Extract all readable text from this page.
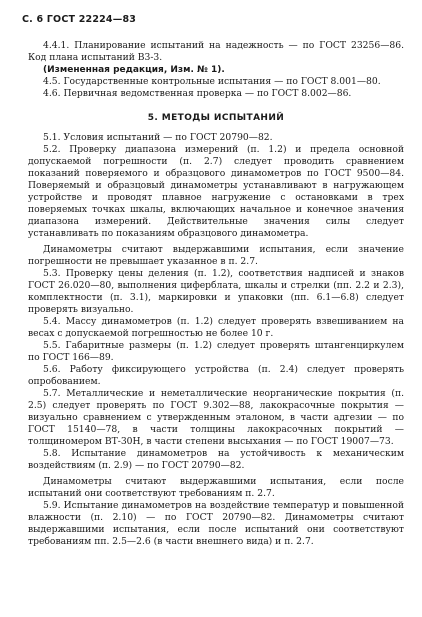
С. 6 ГОСТ 22224—83

4.4.1. Планирование испытаний на надежность — по ГОСТ 23256—86. Код плана испытаний В3-3.

(Измененная редакция, Изм. № 1).

4.5. Государственные контрольные испытания — по ГОСТ 8.001—80.

4.6. Первичная ведомственная проверка — по ГОСТ 8.002—86.

5. МЕТОДЫ ИСПЫТАНИЙ

5.1. Условия испытаний — по ГОСТ 20790—82.

5.2. Проверку диапазона измерений (п. 1.2) и предела основной допускаемой погрешности (п. 2.7) следует проводить сравнением показаний поверяемого и образцового динамометров по ГОСТ 9500—84. Поверяемый и образцовый динамометры устанавливают в нагружающем устройстве и проводят плавное нагружение с остановками в трех поверяемых точках шкалы, включающих начальное и конечное значения диапазона измерений. Действительные значения силы следует устанавливать по показаниям образцового динамометра.

Динамометры считают выдержавшими испытания, если значение погрешности не превышает указанное в п. 2.7.

5.3. Проверку цены деления (п. 1.2), соответствия надписей и знаков ГОСТ 26.020—80, выполнения циферблата, шкалы и стрелки (пп. 2.2 и 2.3), комплектности (п. 3.1), маркировки и упаковки (пп. 6.1—6.8) следует проверять визуально.

5.4. Массу динамометров (п. 1.2) следует проверять взвешиванием на весах с допускаемой погрешностью не более 10 г.

5.5. Габаритные размеры (п. 1.2) следует проверять штангенциркулем по ГОСТ 166—89.

5.6. Работу фиксирующего устройства (п. 2.4) следует проверять опробованием.

5.7. Металлические и неметаллические неорганические покрытия (п. 2.5) следует проверять по ГОСТ 9.302—88, лакокрасочные покрытия — визуально сравнением с утвержденным эталоном, в части адгезии — по ГОСТ 15140—78, в части толщины лакокрасочных покрытий — толщиномером ВТ-30Н, в части степени высыхания — по ГОСТ 19007—73.

5.8. Испытание динамометров на устойчивость к механическим воздействиям (п. 2.9) — по ГОСТ 20790—82.

Динамометры считают выдержавшими испытания, если после испытаний они соответствуют требованиям п. 2.7.

5.9. Испытание динамометров на воздействие температур и повышенной влажности (п. 2.10) — по ГОСТ 20790—82. Динамометры считают выдержавшими испытания, если после испытаний они соответствуют требованиям пп. 2.5—2.6 (в части внешнего вида) и п. 2.7.
